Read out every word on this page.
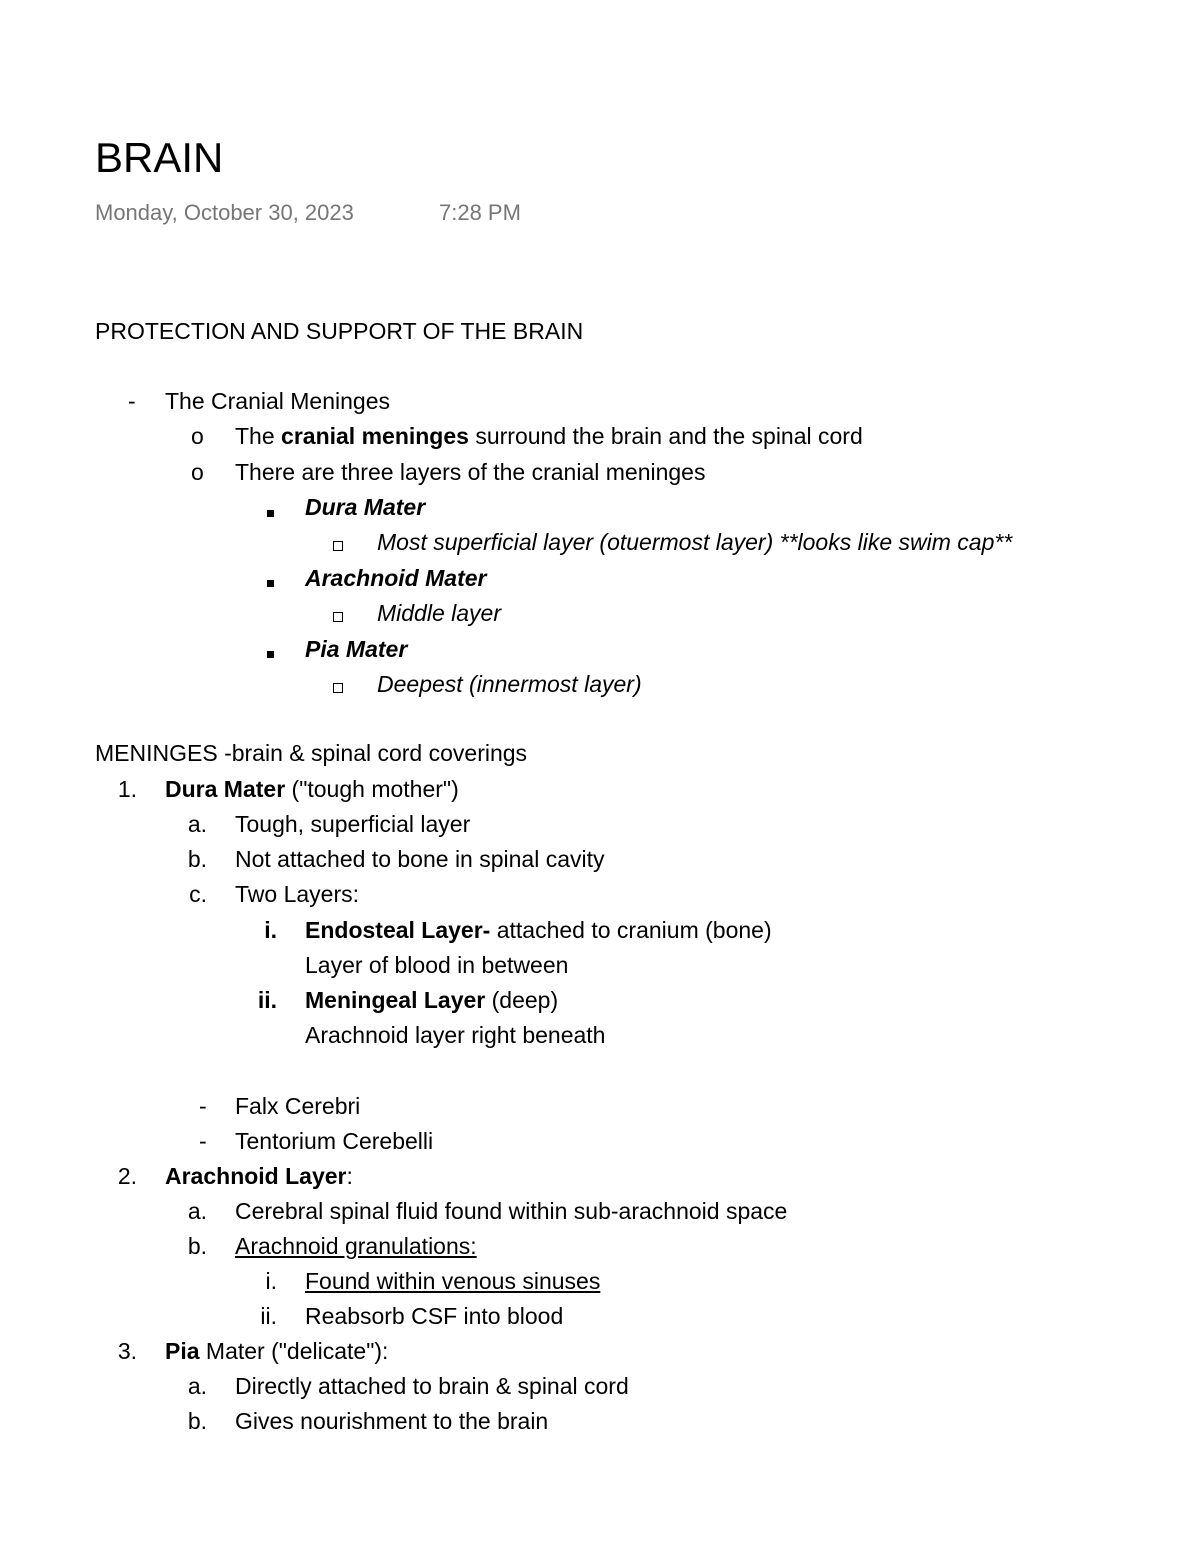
BRAIN
Monday, October 30, 2023	7:28 PM
PROTECTION AND SUPPORT OF THE BRAIN
- The Cranial Meninges
o The cranial meninges surround the brain and the spinal cord
o There are three layers of the cranial meninges
Dura Mater
Most superficial layer (otuermost layer) **looks like swim cap**
Arachnoid Mater
Middle layer
Pia Mater
Deepest (innermost layer)
MENINGES -brain & spinal cord coverings
1. Dura Mater ("tough mother")
a. Tough, superficial layer
b. Not attached to bone in spinal cavity
c. Two Layers:
i. Endosteal Layer- attached to cranium (bone)
Layer of blood in between
ii. Meningeal Layer (deep)
Arachnoid layer right beneath
- Falx Cerebri
- Tentorium Cerebelli
2. Arachnoid Layer:
a. Cerebral spinal fluid found within sub-arachnoid space
b. Arachnoid granulations:
i. Found within venous sinuses
ii. Reabsorb CSF into blood
3. Pia Mater ("delicate"):
a. Directly attached to brain & spinal cord
b. Gives nourishment to the brain
